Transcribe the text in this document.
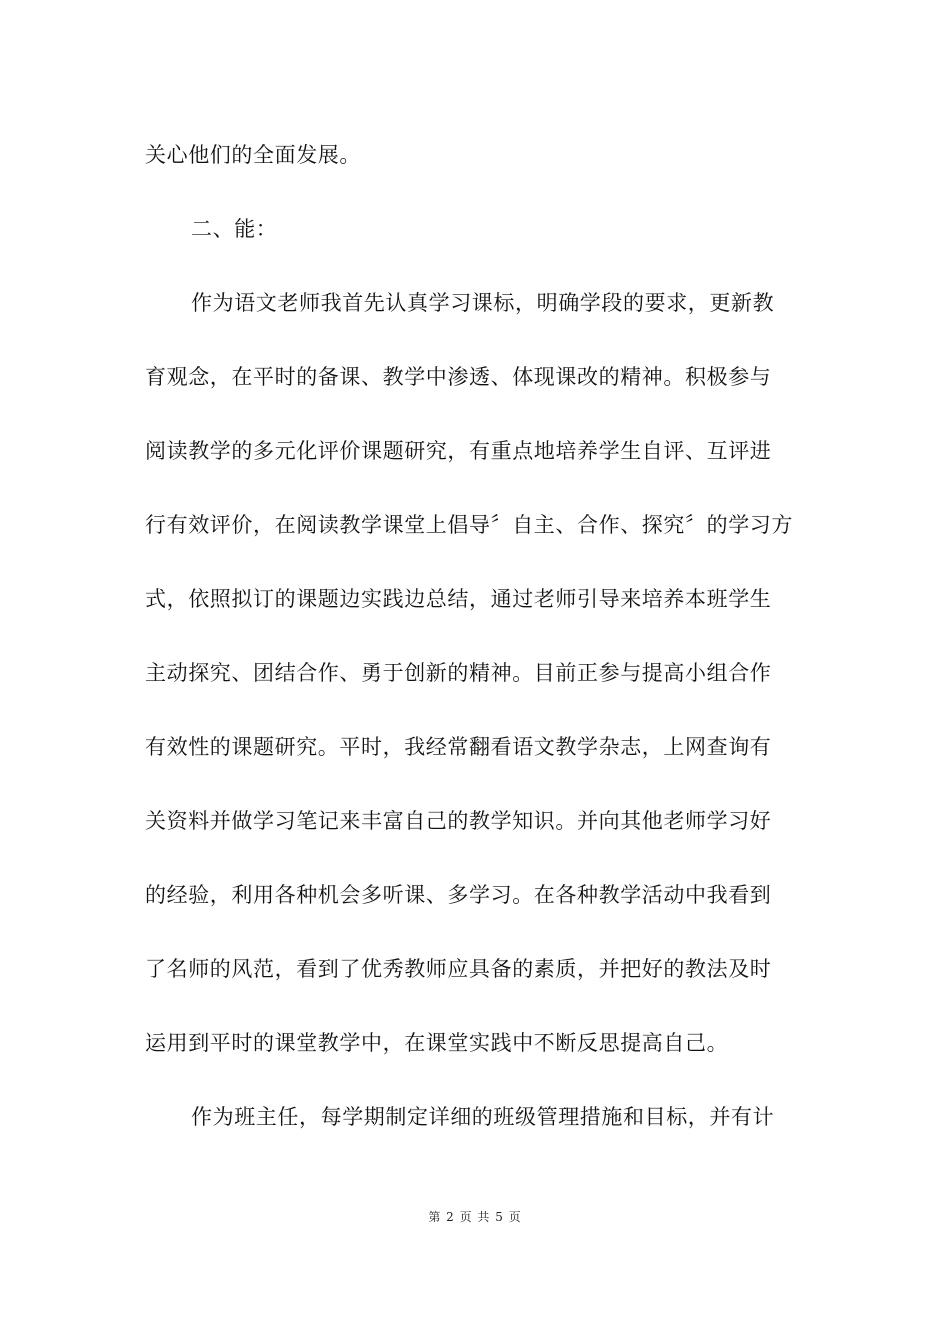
关心他们的全面发展。
二、能：
作为语文老师我首先认真学习课标，明确学段的要求，更新教
育观念，在平时的备课、教学中渗透、体现课改的精神。积极参与
阅读教学的多元化评价课题研究，有重点地培养学生自评、互评进
行有效评价，在阅读教学课堂上倡导〞自主、合作、探究〞的学习方
式，依照拟订的课题边实践边总结，通过老师引导来培养本班学生
主动探究、团结合作、勇于创新的精神。目前正参与提高小组合作
有效性的课题研究。平时，我经常翻看语文教学杂志，上网查询有
关资料并做学习笔记来丰富自己的教学知识。并向其他老师学习好
的经验，利用各种机会多听课、多学习。在各种教学活动中我看到
了名师的风范，看到了优秀教师应具备的素质，并把好的教法及时
运用到平时的课堂教学中，在课堂实践中不断反思提高自己。
作为班主任，每学期制定详细的班级管理措施和目标，并有计
第 2 页 共 5 页
